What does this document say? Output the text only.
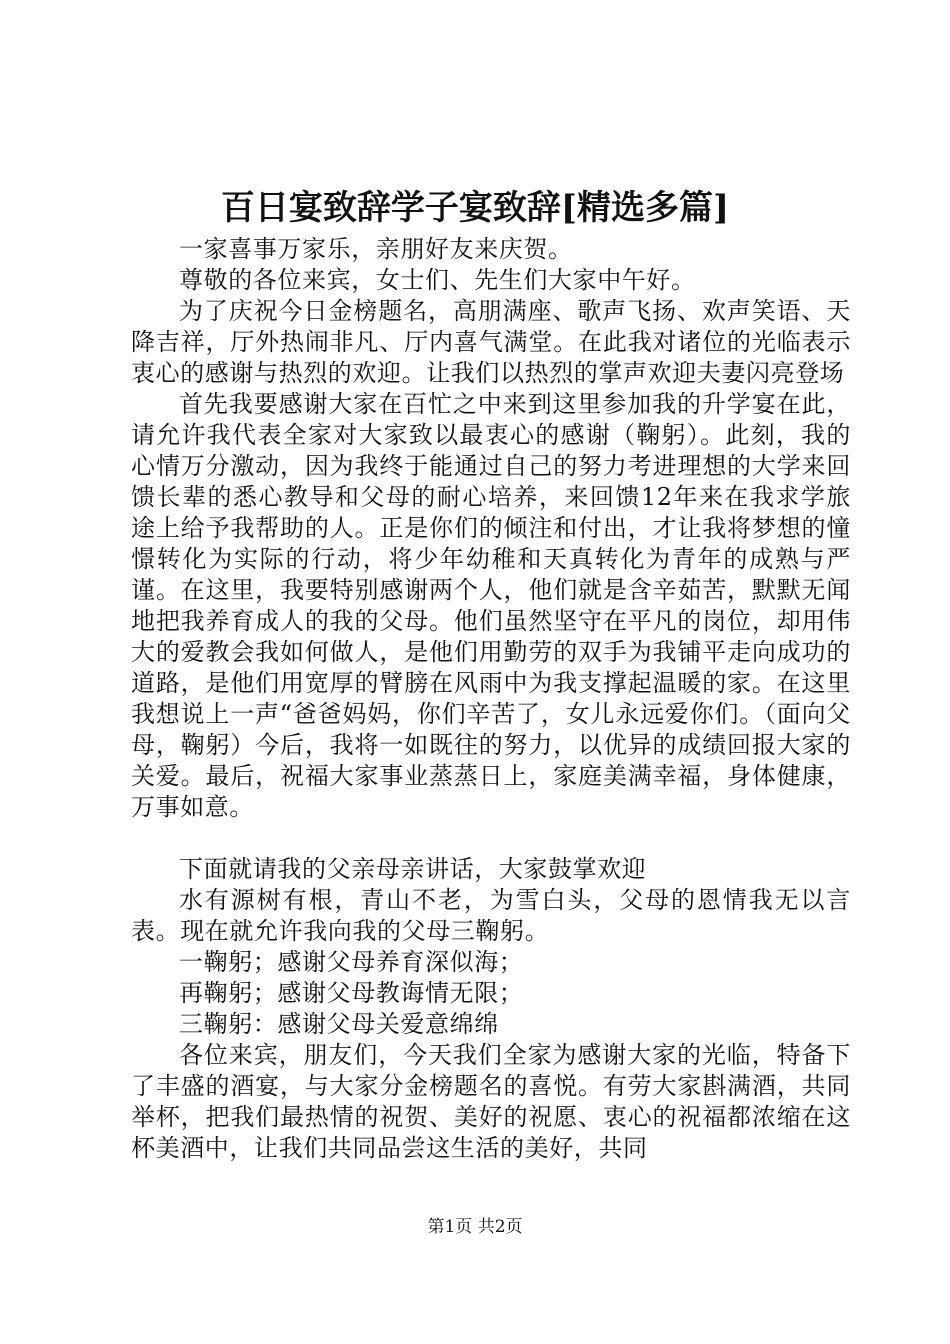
百日宴致辞学子宴致辞[精选多篇]

一家喜事万家乐，亲朋好友来庆贺。

尊敬的各位来宾，女士们、先生们大家中午好。

为了庆祝今日金榜题名，高朋满座、歌声飞扬、欢声笑语、天降吉祥，厅外热闹非凡、厅内喜气满堂。在此我对诸位的光临表示衷心的感谢与热烈的欢迎。让我们以热烈的掌声欢迎夫妻闪亮登场

首先我要感谢大家在百忙之中来到这里参加我的升学宴在此，请允许我代表全家对大家致以最衷心的感谢（鞠躬）。此刻，我的心情万分激动，因为我终于能通过自己的努力考进理想的大学来回馈长辈的悉心教导和父母的耐心培养，来回馈12年来在我求学旅途上给予我帮助的人。正是你们的倾注和付出，才让我将梦想的憧憬转化为实际的行动，将少年幼稚和天真转化为青年的成熟与严谨。在这里，我要特别感谢两个人，他们就是含辛茹苦，默默无闻地把我养育成人的我的父母。他们虽然坚守在平凡的岗位，却用伟大的爱教会我如何做人，是他们用勤劳的双手为我铺平走向成功的道路，是他们用宽厚的臂膀在风雨中为我支撑起温暖的家。在这里我想说上一声“爸爸妈妈，你们辛苦了，女儿永远爱你们。（面向父母，鞠躬）今后，我将一如既往的努力，以优异的成绩回报大家的关爱。最后，祝福大家事业蒸蒸日上，家庭美满幸福，身体健康，万事如意。

下面就请我的父亲母亲讲话，大家鼓掌欢迎

水有源树有根，青山不老，为雪白头，父母的恩情我无以言表。现在就允许我向我的父母三鞠躬。

一鞠躬；感谢父母养育深似海；

再鞠躬；感谢父母教诲情无限；

三鞠躬：感谢父母关爱意绵绵

各位来宾，朋友们，今天我们全家为感谢大家的光临，特备下了丰盛的酒宴，与大家分金榜题名的喜悦。有劳大家斟满酒，共同举杯，把我们最热情的祝贺、美好的祝愿、衷心的祝福都浓缩在这杯美酒中，让我们共同品尝这生活的美好，共同

第1页 共2页
